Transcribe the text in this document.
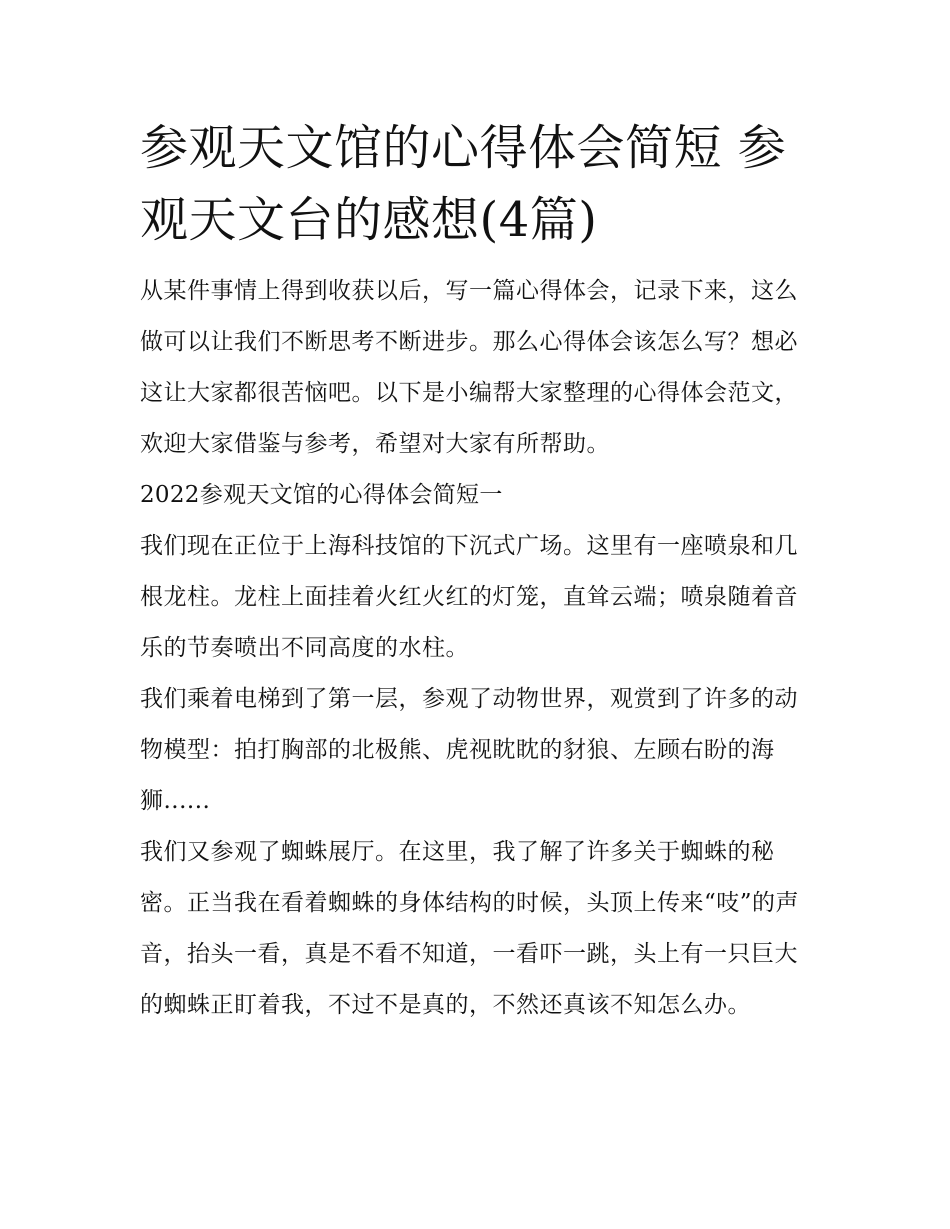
参观天文馆的心得体会简短 参观天文台的感想(4篇)

从某件事情上得到收获以后，写一篇心得体会，记录下来，这么做可以让我们不断思考不断进步。那么心得体会该怎么写？想必这让大家都很苦恼吧。以下是小编帮大家整理的心得体会范文，欢迎大家借鉴与参考，希望对大家有所帮助。

2022参观天文馆的心得体会简短一

我们现在正位于上海科技馆的下沉式广场。这里有一座喷泉和几根龙柱。龙柱上面挂着火红火红的灯笼，直耸云端；喷泉随着音乐的节奏喷出不同高度的水柱。

我们乘着电梯到了第一层，参观了动物世界，观赏到了许多的动物模型：拍打胸部的北极熊、虎视眈眈的豺狼、左顾右盼的海狮......

我们又参观了蜘蛛展厅。在这里，我了解了许多关于蜘蛛的秘密。正当我在看着蜘蛛的身体结构的时候，头顶上传来“吱”的声音，抬头一看，真是不看不知道，一看吓一跳，头上有一只巨大的蜘蛛正盯着我，不过不是真的，不然还真该不知怎么办。
